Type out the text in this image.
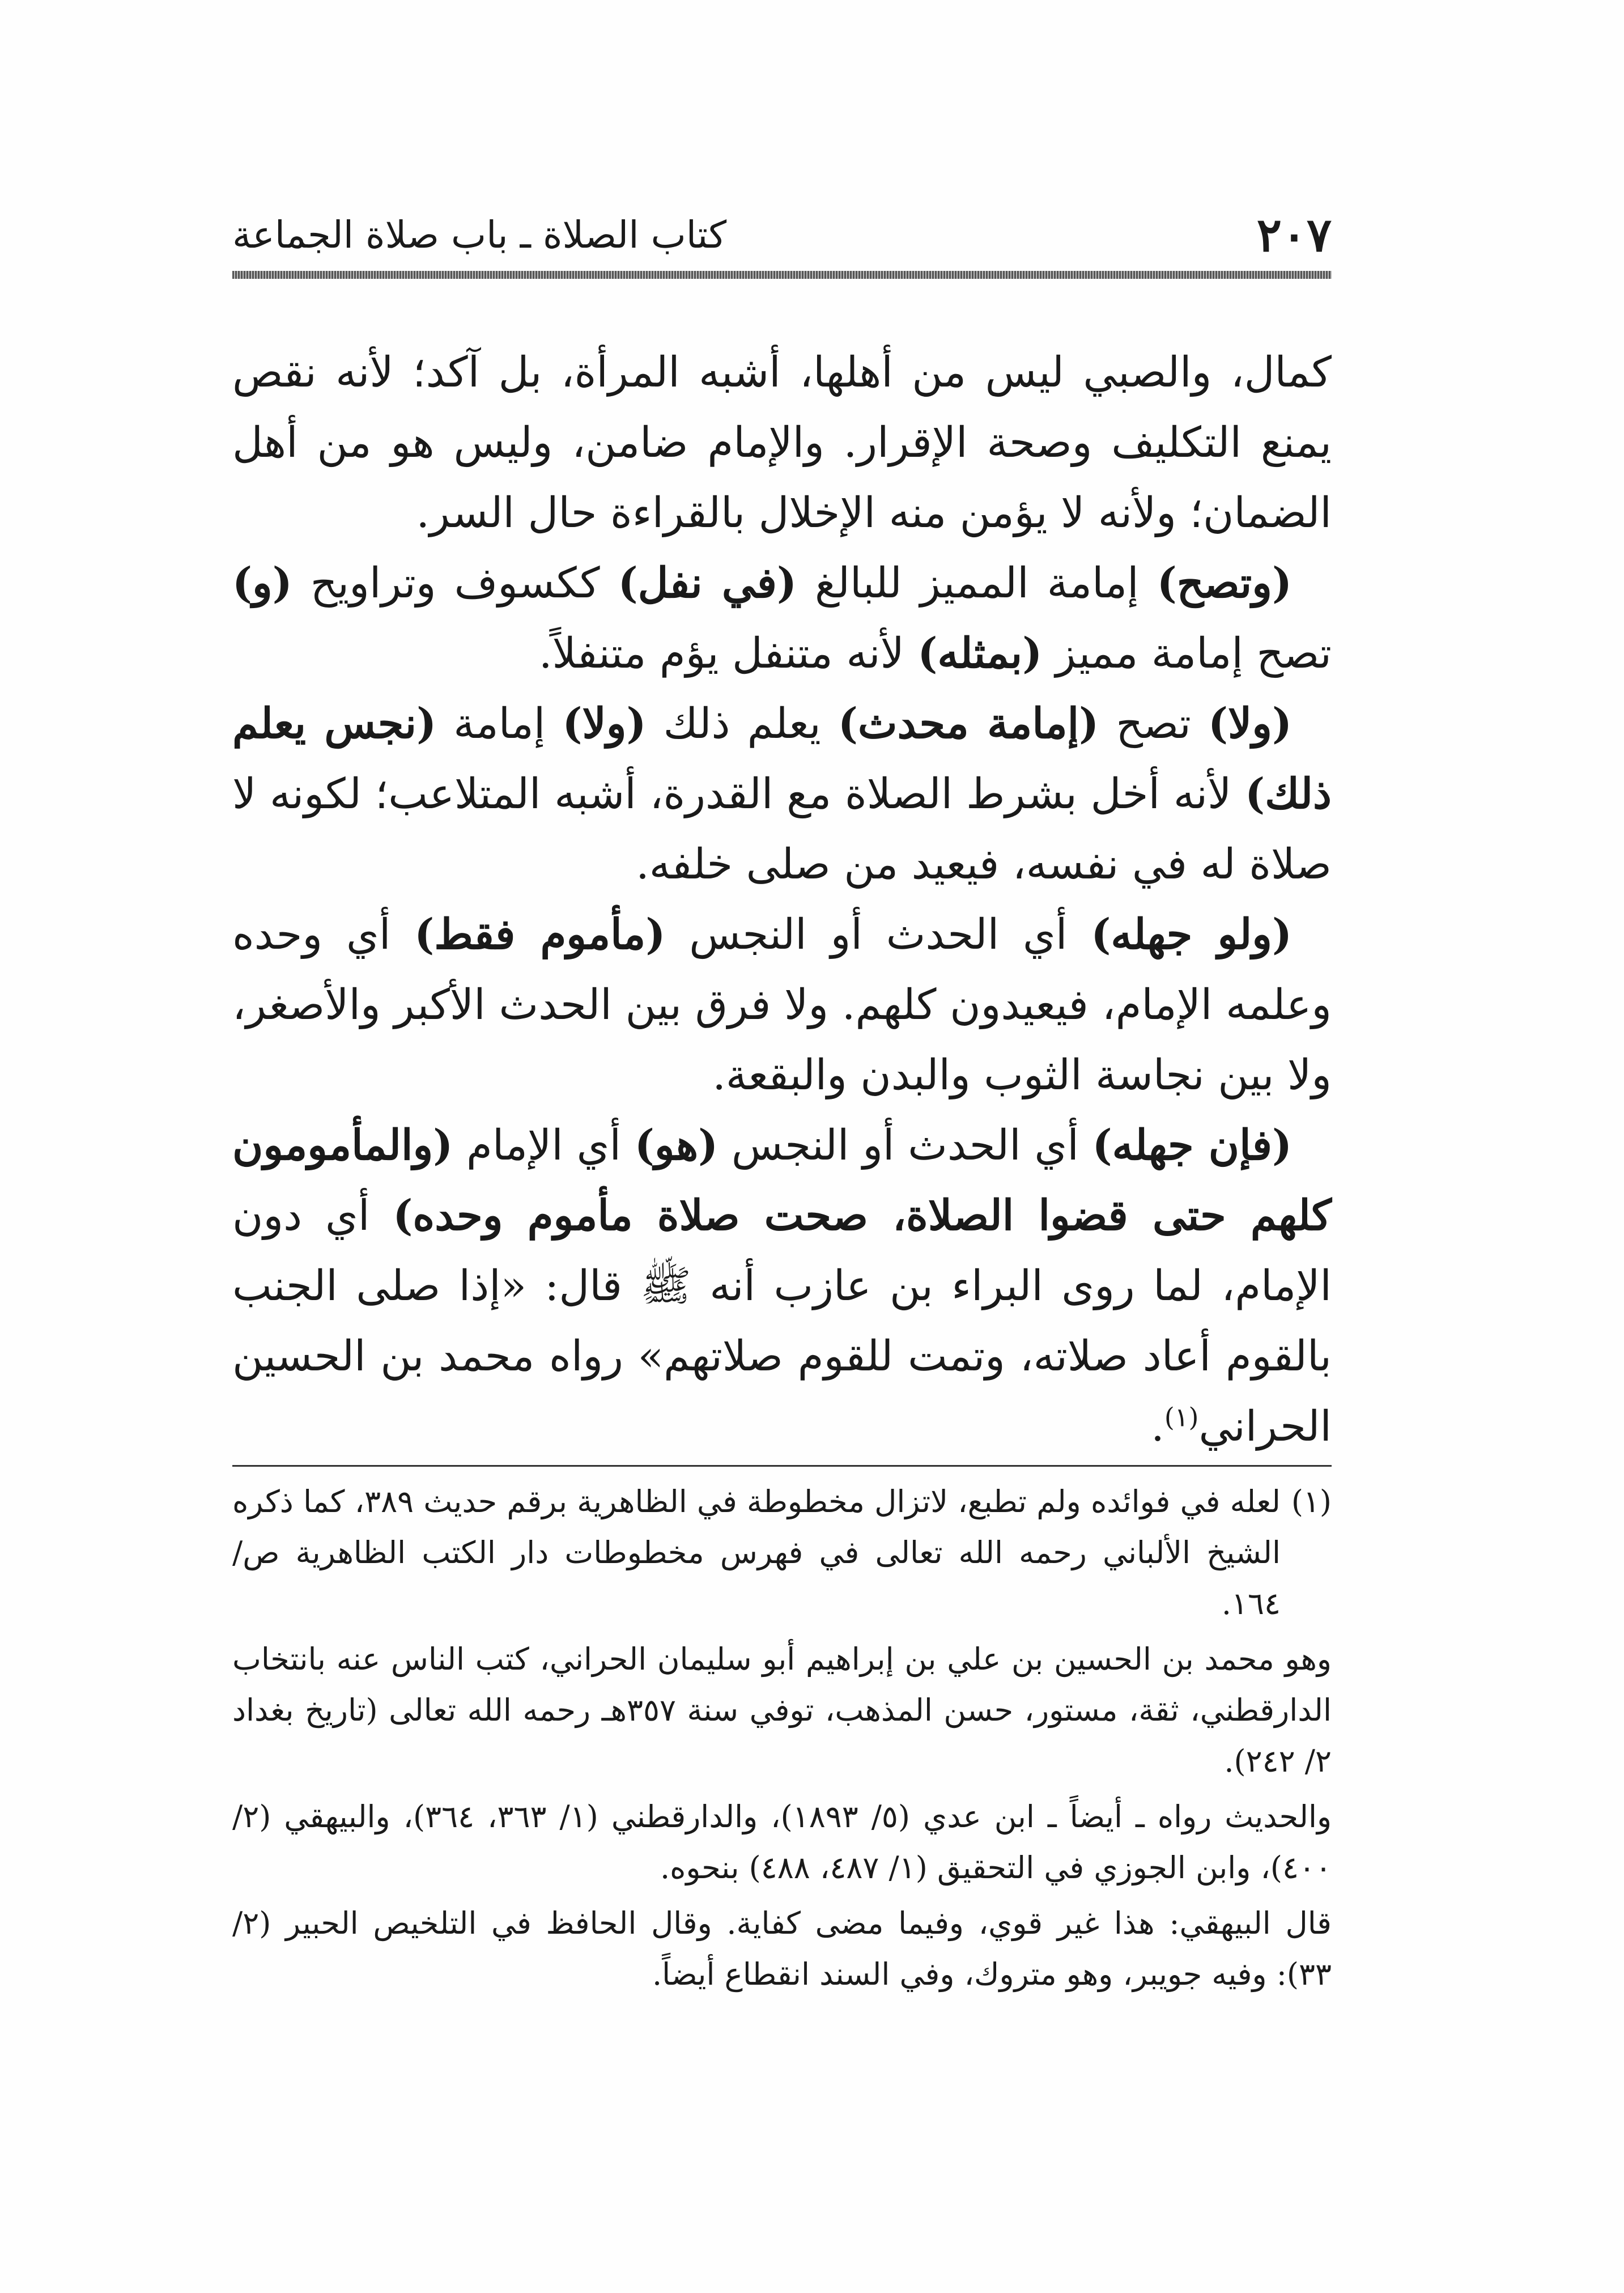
٢٠٧
كتاب الصلاة ـ باب صلاة الجماعة

كمال، والصبي ليس من أهلها، أشبه المرأة، بل آكد؛ لأنه نقص يمنع التكليف وصحة الإقرار. والإمام ضامن، وليس هو من أهل الضمان؛ ولأنه لا يؤمن منه الإخلال بالقراءة حال السر.

(وتصح) إمامة المميز للبالغ (في نفل) ككسوف وتراويح (و) تصح إمامة مميز (بمثله) لأنه متنفل يؤم متنفلاً.

(ولا) تصح (إمامة محدث) يعلم ذلك (ولا) إمامة (نجس يعلم ذلك) لأنه أخل بشرط الصلاة مع القدرة، أشبه المتلاعب؛ لكونه لا صلاة له في نفسه، فيعيد من صلى خلفه.

(ولو جهله) أي الحدث أو النجس (مأموم فقط) أي وحده وعلمه الإمام، فيعيدون كلهم. ولا فرق بين الحدث الأكبر والأصغر، ولا بين نجاسة الثوب والبدن والبقعة.

(فإن جهله) أي الحدث أو النجس (هو) أي الإمام (والمأمومون كلهم حتى قضوا الصلاة، صحت صلاة مأموم وحده) أي دون الإمام، لما روى البراء بن عازب أنه ﷺ قال: «إذا صلى الجنب بالقوم أعاد صلاته، وتمت للقوم صلاتهم» رواه محمد بن الحسين الحراني$^{(١)}$.

(١)
لعله في فوائده ولم تطبع، لاتزال مخطوطة في الظاهرية برقم حديث ٣٨٩، كما ذكره الشيخ الألباني رحمه الله تعالى في فهرس مخطوطات دار الكتب الظاهرية ص/ ١٦٤.

وهو محمد بن الحسين بن علي بن إبراهيم أبو سليمان الحراني، كتب الناس عنه بانتخاب الدارقطني، ثقة، مستور، حسن المذهب، توفي سنة ٣٥٧هـ رحمه الله تعالى (تاريخ بغداد ٢/ ٢٤٢).

والحديث رواه ـ أيضاً ـ ابن عدي (٥/ ١٨٩٣)، والدارقطني (١/ ٣٦٣، ٣٦٤)، والبيهقي (٢/ ٤٠٠)، وابن الجوزي في التحقيق (١/ ٤٨٧، ٤٨٨) بنحوه.

قال البيهقي: هذا غير قوي، وفيما مضى كفاية. وقال الحافظ في التلخيص الحبير (٢/ ٣٣): وفيه جويبر، وهو متروك، وفي السند انقطاع أيضاً.
